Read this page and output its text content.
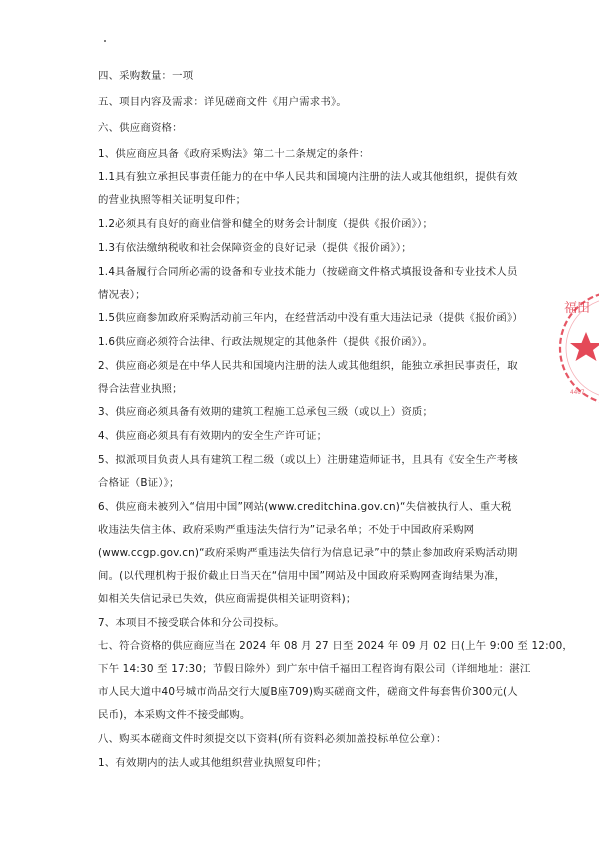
四、采购数量：一项
五、项目内容及需求：详见磋商文件《用户需求书》。
六、供应商资格：
1、供应商应具备《政府采购法》第二十二条规定的条件：
1.1具有独立承担民事责任能力的在中华人民共和国境内注册的法人或其他组织，提供有效
的营业执照等相关证明复印件；
1.2必须具有良好的商业信誉和健全的财务会计制度（提供《报价函》）；
1.3有依法缴纳税收和社会保障资金的良好记录（提供《报价函》）；
1.4具备履行合同所必需的设备和专业技术能力（按磋商文件格式填报设备和专业技术人员
情况表）；
1.5供应商参加政府采购活动前三年内，在经营活动中没有重大违法记录（提供《报价函》）
1.6供应商必须符合法律、行政法规规定的其他条件（提供《报价函》）。
2、供应商必须是在中华人民共和国境内注册的法人或其他组织，能独立承担民事责任，取
得合法营业执照；
3、供应商必须具备有效期的建筑工程施工总承包三级（或以上）资质；
4、供应商必须具有有效期内的安全生产许可证；
5、拟派项目负责人具有建筑工程二级（或以上）注册建造师证书，且具有《安全生产考核
合格证（B证）》；
6、供应商未被列入“信用中国”网站(www.creditchina.gov.cn)“失信被执行人、重大税
收违法失信主体、政府采购严重违法失信行为”记录名单；不处于中国政府采购网
(www.ccgp.gov.cn)“政府采购严重违法失信行为信息记录”中的禁止参加政府采购活动期
间。(以代理机构于报价截止日当天在“信用中国”网站及中国政府采购网查询结果为准，
如相关失信记录已失效，供应商需提供相关证明资料)；
7、本项目不接受联合体和分公司投标。
七、符合资格的供应商应当在 2024 年 08 月 27 日至 2024 年 09 月 02 日(上午 9:00 至 12:00，
下午 14:30 至 17:30；节假日除外）到广东中信千福田工程咨询有限公司（详细地址：湛江
市人民大道中40号城市尚品交行大厦B座709)购买磋商文件，磋商文件每套售价300元(人
民币)，本采购文件不接受邮购。
八、购买本磋商文件时须提交以下资料(所有资料必须加盖投标单位公章）：
1、有效期内的法人或其他组织营业执照复印件；
福田
4407
